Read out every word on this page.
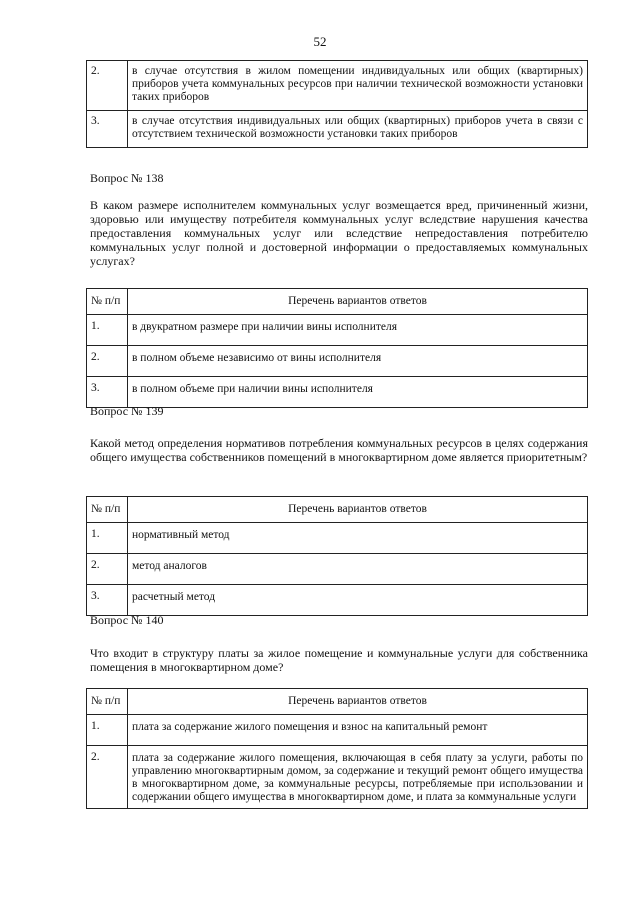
52
2.	в случае отсутствия в жилом помещении индивидуальных или общих (квартирных) приборов учета коммунальных ресурсов при наличии технической возможности установки таких приборов
3.	в случае отсутствия индивидуальных или общих (квартирных) приборов учета в связи с отсутствием технической возможности установки таких приборов
Вопрос № 138
В каком размере исполнителем коммунальных услуг возмещается вред, причиненный жизни, здоровью или имуществу потребителя коммунальных услуг вследствие нарушения качества предоставления коммунальных услуг или вследствие непредоставления потребителю коммунальных услуг полной и достоверной информации о предоставляемых коммунальных услугах?
№ п/п	Перечень вариантов ответов
1.	в двукратном размере при наличии вины исполнителя
2.	в полном объеме независимо от вины исполнителя
3.	в полном объеме при наличии вины исполнителя
Вопрос № 139
Какой метод определения нормативов потребления коммунальных ресурсов в целях содержания общего имущества собственников помещений в многоквартирном доме является приоритетным?
№ п/п	Перечень вариантов ответов
1.	нормативный метод
2.	метод аналогов
3.	расчетный метод
Вопрос № 140
Что входит в структуру платы за жилое помещение и коммунальные услуги для собственника помещения в многоквартирном доме?
№ п/п	Перечень вариантов ответов
1.	плата за содержание жилого помещения и взнос на капитальный ремонт
2.	плата за содержание жилого помещения, включающая в себя плату за услуги, работы по управлению многоквартирным домом, за содержание и текущий ремонт общего имущества в многоквартирном доме, за коммунальные ресурсы, потребляемые при использовании и содержании общего имущества в многоквартирном доме, и плата за коммунальные услуги
